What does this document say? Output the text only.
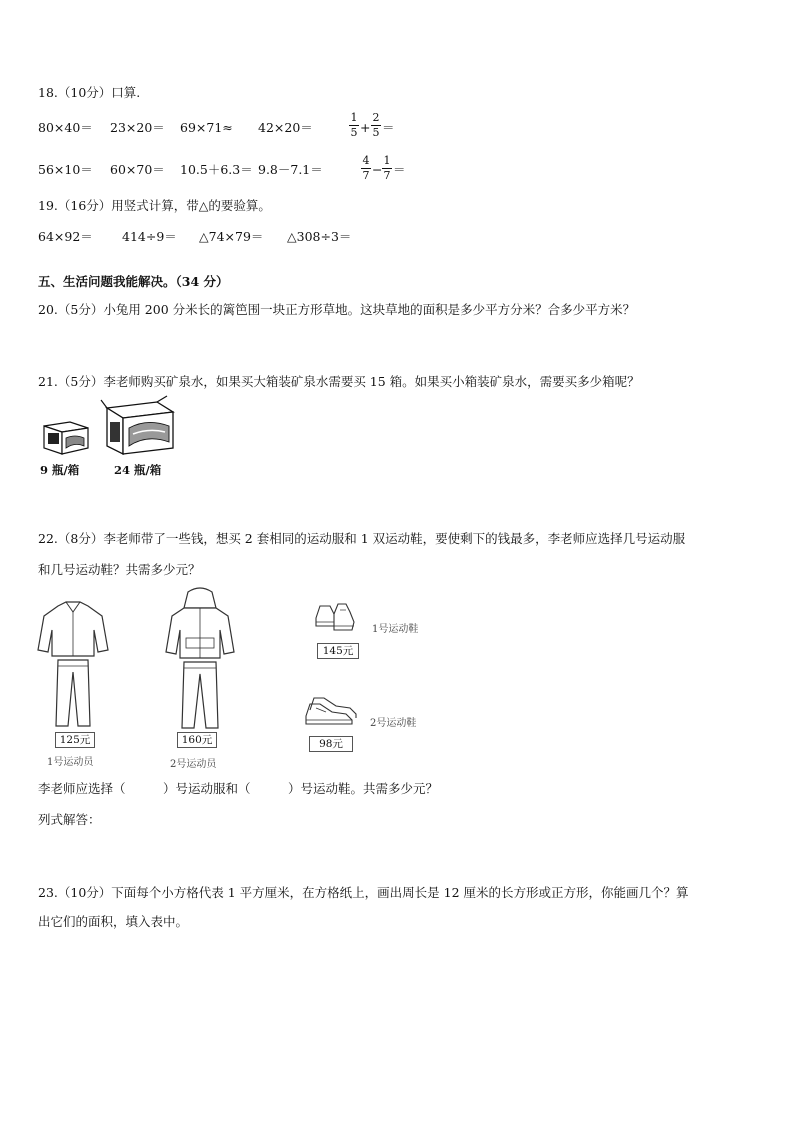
18.（10分）口算.
80×40＝ 23×20＝ 69×71≈ 42×20＝
1
5 +
2
5 ＝
56×10＝ 60×70＝ 10.5＋6.3＝ 9.8－7.1＝
4
7 −
1
7 ＝
19.（16分）用竖式计算，带△的要验算。
64×92＝ 414÷9＝ △74×79＝ △308÷3＝
五、生活问题我能解决。（34 分）
20.（5分）小兔用 200 分米长的篱笆围一块正方形草地。这块草地的面积是多少平方分米？合多少平方米？
21.（5分）李老师购买矿泉水，如果买大箱装矿泉水需要买 15 箱。如果买小箱装矿泉水，需要买多少箱呢？
9 瓶/箱	24 瓶/箱
22.（8分）李老师带了一些钱，想买 2 套相同的运动服和 1 双运动鞋，要使剩下的钱最多，李老师应选择几号运动服
和几号运动鞋？共需多少元？
125元
1号运动员
160元
2号运动员
1号运动鞋
145元
2号运动鞋
98元
李老师应选择（　　　）号运动服和（　　　）号运动鞋。共需多少元？
列式解答：
23.（10分）下面每个小方格代表 1 平方厘米，在方格纸上，画出周长是 12 厘米的长方形或正方形，你能画几个？算
出它们的面积，填入表中。
